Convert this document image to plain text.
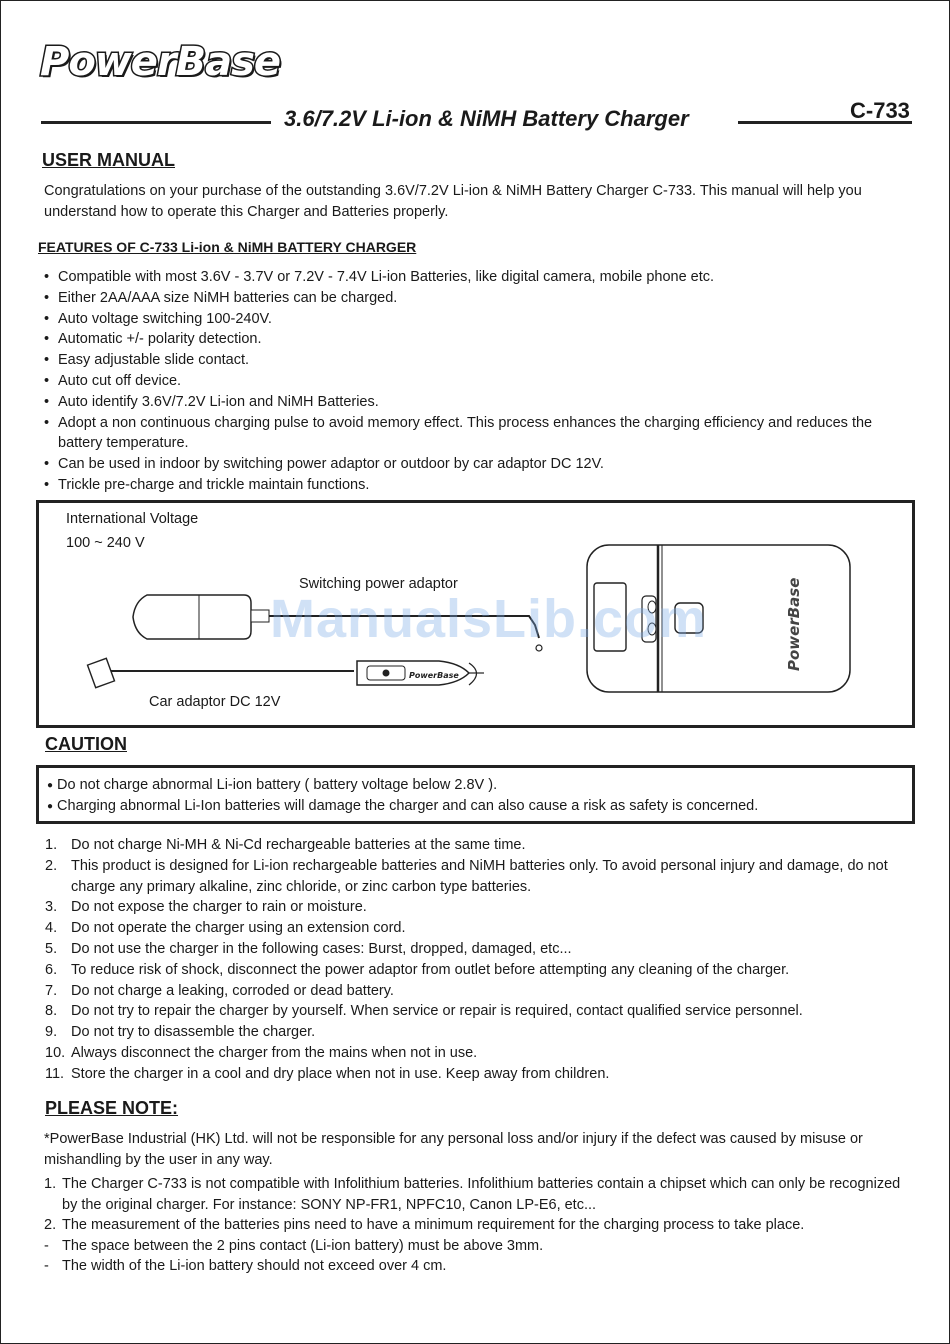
PowerBase
3.6/7.2V Li-ion & NiMH Battery Charger	C-733
USER MANUAL
Congratulations on your purchase of the outstanding 3.6V/7.2V Li-ion & NiMH Battery Charger C-733. This manual will help you understand how to operate this Charger and Batteries properly.
FEATURES OF C-733 Li-ion & NiMH BATTERY CHARGER
• Compatible with most 3.6V - 3.7V or 7.2V - 7.4V Li-ion Batteries, like digital camera, mobile phone etc.
• Either 2AA/AAA size NiMH batteries can be charged.
• Auto voltage switching 100-240V.
• Automatic +/- polarity detection.
• Easy adjustable slide contact.
• Auto cut off device.
• Auto identify 3.6V/7.2V Li-ion and NiMH Batteries.
• Adopt a non continuous charging pulse to avoid memory effect. This process enhances the charging efficiency and reduces the battery temperature.
• Can be used in indoor by switching power adaptor or outdoor by car adaptor DC 12V.
• Trickle pre-charge and trickle maintain functions.
International Voltage
100 ~ 240 V
Switching power adaptor
Car adaptor DC 12V
PowerBase
PowerBase
ManualsLib.com
CAUTION
● Do not charge abnormal Li-ion battery ( battery voltage below 2.8V ).
● Charging abnormal Li-Ion batteries will damage the charger and can also cause a risk as safety is concerned.
1. Do not charge Ni-MH & Ni-Cd rechargeable batteries at the same time.
2. This product is designed for Li-ion rechargeable batteries and NiMH batteries only. To avoid personal injury and damage, do not charge any primary alkaline, zinc chloride, or zinc carbon type batteries.
3. Do not expose the charger to rain or moisture.
4. Do not operate the charger using an extension cord.
5. Do not use the charger in the following cases: Burst, dropped, damaged, etc...
6. To reduce risk of shock, disconnect the power adaptor from outlet before attempting any cleaning of the charger.
7. Do not charge a leaking, corroded or dead battery.
8. Do not try to repair the charger by yourself. When service or repair is required, contact qualified service personnel.
9. Do not try to disassemble the charger.
10. Always disconnect the charger from the mains when not in use.
11. Store the charger in a cool and dry place when not in use. Keep away from children.
PLEASE NOTE:
*PowerBase Industrial (HK) Ltd. will not be responsible for any personal loss and/or injury if the defect was caused by misuse or mishandling by the user in any way.
1. The Charger C-733 is not compatible with Infolithium batteries. Infolithium batteries contain a chipset which can only be recognized by the original charger. For instance: SONY NP-FR1, NPFC10, Canon LP-E6, etc...
2. The measurement of the batteries pins need to have a minimum requirement for the charging process to take place.
- The space between the 2 pins contact (Li-ion battery) must be above 3mm.
- The width of the Li-ion battery should not exceed over 4 cm.
